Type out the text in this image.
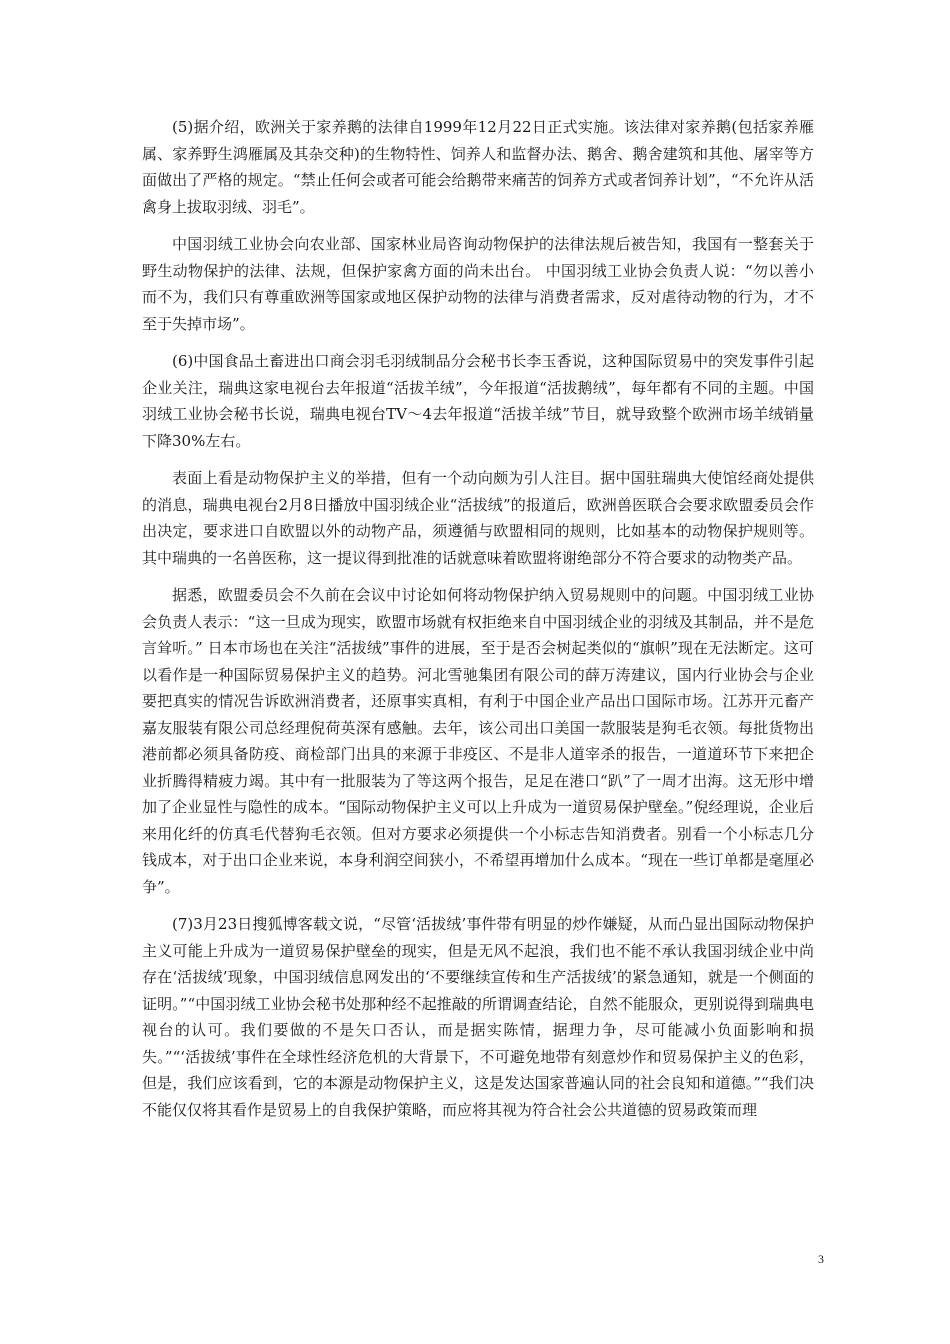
(5)据介绍，欧洲关于家养鹅的法律自1999年12月22日正式实施。该法律对家养鹅(包括家养雁属、家养野生鸿雁属及其杂交种)的生物特性、饲养人和监督办法、鹅舍、鹅舍建筑和其他、屠宰等方面做出了严格的规定。“禁止任何会或者可能会给鹅带来痛苦的饲养方式或者饲养计划”，“不允许从活禽身上拔取羽绒、羽毛”。

中国羽绒工业协会向农业部、国家林业局咨询动物保护的法律法规后被告知，我国有一整套关于野生动物保护的法律、法规，但保护家禽方面的尚未出台。 中国羽绒工业协会负责人说：“勿以善小而不为，我们只有尊重欧洲等国家或地区保护动物的法律与消费者需求，反对虐待动物的行为，才不至于失掉市场”。

(6)中国食品土畜进出口商会羽毛羽绒制品分会秘书长李玉香说，这种国际贸易中的突发事件引起企业关注，瑞典这家电视台去年报道“活拔羊绒”，今年报道“活拔鹅绒”，每年都有不同的主题。中国羽绒工业协会秘书长说，瑞典电视台TV～4去年报道“活拔羊绒”节目，就导致整个欧洲市场羊绒销量下降30%左右。

表面上看是动物保护主义的举措，但有一个动向颇为引人注目。据中国驻瑞典大使馆经商处提供的消息，瑞典电视台2月8日播放中国羽绒企业“活拔绒”的报道后，欧洲兽医联合会要求欧盟委员会作出决定，要求进口自欧盟以外的动物产品，须遵循与欧盟相同的规则，比如基本的动物保护规则等。其中瑞典的一名兽医称，这一提议得到批准的话就意味着欧盟将谢绝部分不符合要求的动物类产品。

据悉，欧盟委员会不久前在会议中讨论如何将动物保护纳入贸易规则中的问题。中国羽绒工业协会负责人表示：“这一旦成为现实，欧盟市场就有权拒绝来自中国羽绒企业的羽绒及其制品，并不是危言耸听。” 日本市场也在关注“活拔绒”事件的进展，至于是否会树起类似的“旗帜”现在无法断定。这可以看作是一种国际贸易保护主义的趋势。河北雪驰集团有限公司的薛万涛建议，国内行业协会与企业要把真实的情况告诉欧洲消费者，还原事实真相，有利于中国企业产品出口国际市场。江苏开元畜产嘉友服装有限公司总经理倪荷英深有感触。去年，该公司出口美国一款服装是狗毛衣领。每批货物出港前都必须具备防疫、商检部门出具的来源于非疫区、不是非人道宰杀的报告，一道道环节下来把企业折腾得精疲力竭。其中有一批服装为了等这两个报告，足足在港口“趴”了一周才出海。这无形中增加了企业显性与隐性的成本。“国际动物保护主义可以上升成为一道贸易保护壁垒。”倪经理说，企业后来用化纤的仿真毛代替狗毛衣领。但对方要求必须提供一个小标志告知消费者。别看一个小标志几分钱成本，对于出口企业来说，本身利润空间狭小，不希望再增加什么成本。“现在一些订单都是毫厘必争”。

(7)3月23日搜狐博客载文说，“尽管‘活拔绒’事件带有明显的炒作嫌疑，从而凸显出国际动物保护主义可能上升成为一道贸易保护壁垒的现实，但是无风不起浪，我们也不能不承认我国羽绒企业中尚存在‘活拔绒’现象，中国羽绒信息网发出的‘不要继续宣传和生产活拔绒’的紧急通知，就是一个侧面的证明。”“中国羽绒工业协会秘书处那种经不起推敲的所谓调查结论，自然不能服众，更别说得到瑞典电视台的认可。我们要做的不是矢口否认，而是据实陈情，据理力争，尽可能减小负面影响和损失。”“‘活拔绒’事件在全球性经济危机的大背景下，不可避免地带有刻意炒作和贸易保护主义的色彩，但是，我们应该看到，它的本源是动物保护主义，这是发达国家普遍认同的社会良知和道德。”“我们决不能仅仅将其看作是贸易上的自我保护策略，而应将其视为符合社会公共道德的贸易政策而理

3
